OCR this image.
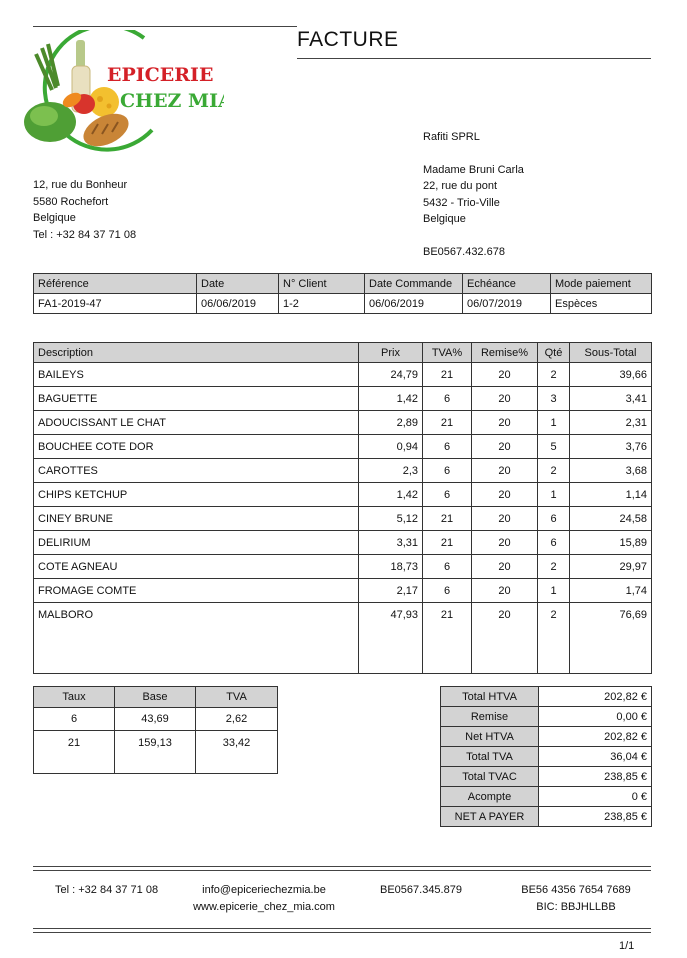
FACTURE
EPICERIE
CHEZ MIA
12, rue du Bonheur
5580 Rochefort
Belgique
Tel : +32 84 37 71 08
Rafiti SPRL
Madame Bruni Carla
22, rue du pont
5432 - Trio-Ville
Belgique
BE0567.432.678
Référence	Date	N° Client	Date Commande	Echéance	Mode paiement
FA1-2019-47	06/06/2019	1-2	06/06/2019	06/07/2019	Espèces
Description	Prix	TVA%	Remise%	Qté	Sous-Total
BAILEYS	24,79	21	20	2	39,66
BAGUETTE	1,42	6	20	3	3,41
ADOUCISSANT LE CHAT	2,89	21	20	1	2,31
BOUCHEE COTE DOR	0,94	6	20	5	3,76
CAROTTES	2,3	6	20	2	3,68
CHIPS KETCHUP	1,42	6	20	1	1,14
CINEY BRUNE	5,12	21	20	6	24,58
DELIRIUM	3,31	21	20	6	15,89
COTE AGNEAU	18,73	6	20	2	29,97
FROMAGE COMTE	2,17	6	20	1	1,74
MALBORO	47,93	21	20	2	76,69
Taux	Base	TVA
6	43,69	2,62
21	159,13	33,42
Total HTVA	202,82 €
Remise	0,00 €
Net HTVA	202,82 €
Total TVA	36,04 €
Total TVAC	238,85 €
Acompte	0 €
NET A PAYER	238,85 €
Tel : +32 84 37 71 08	info@epiceriechezmia.be
www.epicerie_chez_mia.com
BE0567.345.879	BE56 4356 7654 7689
BIC: BBJHLLBB
1/1
